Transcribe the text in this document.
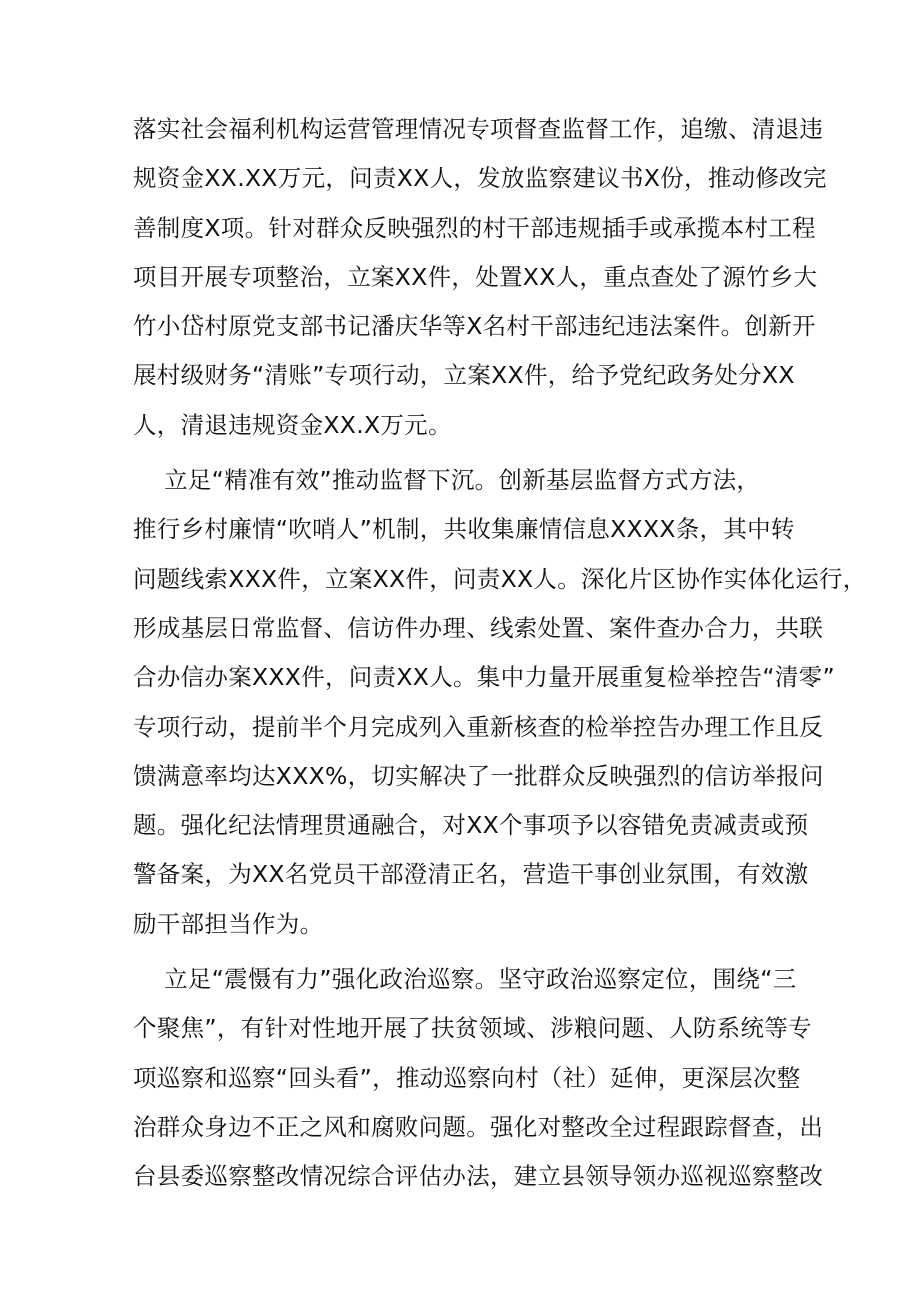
落实社会福利机构运营管理情况专项督查监督工作，追缴、清退违
规资金XX.XX万元，问责XX人，发放监察建议书X份，推动修改完
善制度X项。针对群众反映强烈的村干部违规插手或承揽本村工程
项目开展专项整治，立案XX件，处置XX人，重点查处了源竹乡大
竹小岱村原党支部书记潘庆华等X名村干部违纪违法案件。创新开
展村级财务“清账”专项行动，立案XX件，给予党纪政务处分XX
人，清退违规资金XX.X万元。
立足“精准有效”推动监督下沉。创新基层监督方式方法，
推行乡村廉情“吹哨人”机制，共收集廉情信息XXXX条，其中转
问题线索XXX件，立案XX件，问责XX人。深化片区协作实体化运行，
形成基层日常监督、信访件办理、线索处置、案件查办合力，共联
合办信办案XXX件，问责XX人。集中力量开展重复检举控告“清零”
专项行动，提前半个月完成列入重新核查的检举控告办理工作且反
馈满意率均达XXX%，切实解决了一批群众反映强烈的信访举报问
题。强化纪法情理贯通融合，对XX个事项予以容错免责减责或预
警备案，为XX名党员干部澄清正名，营造干事创业氛围，有效激
励干部担当作为。
立足“震慑有力”强化政治巡察。坚守政治巡察定位，围绕“三
个聚焦”，有针对性地开展了扶贫领域、涉粮问题、人防系统等专
项巡察和巡察“回头看”，推动巡察向村（社）延伸，更深层次整
治群众身边不正之风和腐败问题。强化对整改全过程跟踪督查，出
台县委巡察整改情况综合评估办法，建立县领导领办巡视巡察整改
